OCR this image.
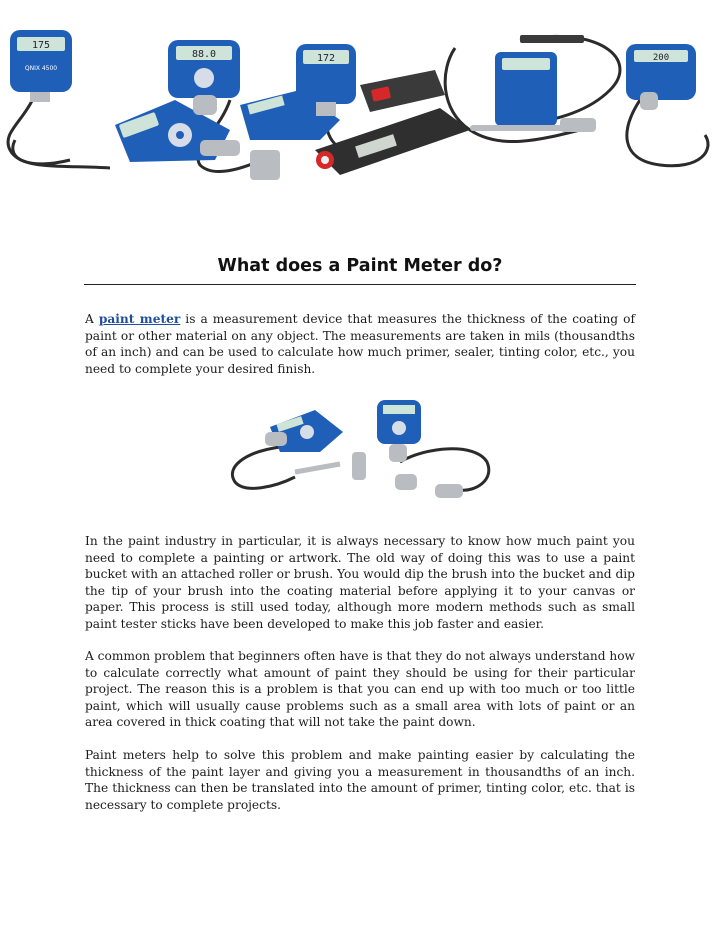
175
QNIX 4500
88.0	172	200
What does a Paint Meter do?

A paint meter is a measurement device that measures the thickness of the coating of paint or other material on any object. The measurements are taken in mils (thousandths of an inch) and can be used to calculate how much primer, sealer, tinting color, etc., you need to complete your desired finish.

In the paint industry in particular, it is always necessary to know how much paint you need to complete a painting or artwork. The old way of doing this was to use a paint bucket with an attached roller or brush. You would dip the brush into the bucket and dip the tip of your brush into the coating material before applying it to your canvas or paper. This process is still used today, although more modern methods such as small paint tester sticks have been developed to make this job faster and easier.

A common problem that beginners often have is that they do not always understand how to calculate correctly what amount of paint they should be using for their particular project. The reason this is a problem is that you can end up with too much or too little paint, which will usually cause problems such as a small area with lots of paint or an area covered in thick coating that will not take the paint down.

Paint meters help to solve this problem and make painting easier by calculating the thickness of the paint layer and giving you a measurement in thousandths of an inch. The thickness can then be translated into the amount of primer, tinting color, etc. that is necessary to complete projects.
